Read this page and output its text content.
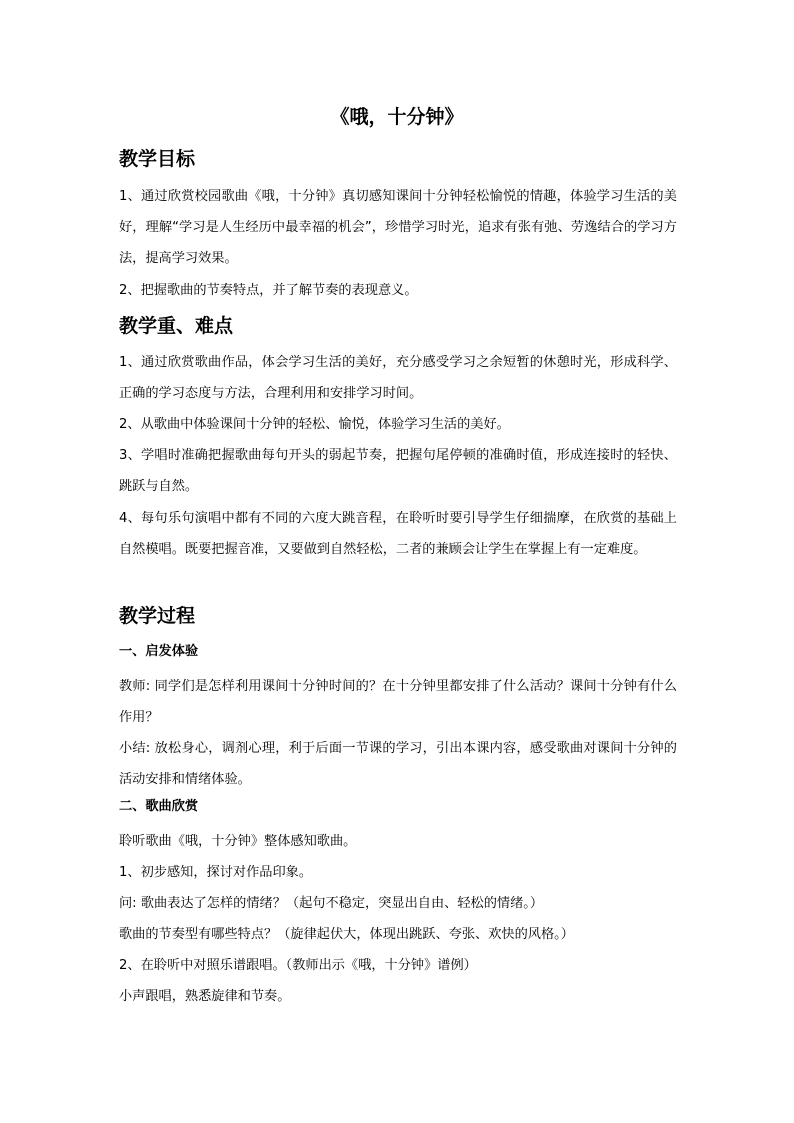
《哦，十分钟》
教学目标
1、通过欣赏校园歌曲《哦，十分钟》真切感知课间十分钟轻松愉悦的情趣，体验学习生活的美好，理解“学习是人生经历中最幸福的机会”，珍惜学习时光，追求有张有弛、劳逸结合的学习方法，提高学习效果。
2、把握歌曲的节奏特点，并了解节奏的表现意义。
教学重、难点
1、通过欣赏歌曲作品，体会学习生活的美好，充分感受学习之余短暂的休憩时光，形成科学、正确的学习态度与方法，合理利用和安排学习时间。
2、从歌曲中体验课间十分钟的轻松、愉悦，体验学习生活的美好。
3、学唱时准确把握歌曲每句开头的弱起节奏，把握句尾停顿的准确时值，形成连接时的轻快、跳跃与自然。
4、每句乐句演唱中都有不同的六度大跳音程，在聆听时要引导学生仔细揣摩，在欣赏的基础上自然模唱。既要把握音准，又要做到自然轻松，二者的兼顾会让学生在掌握上有一定难度。
教学过程
一、启发体验
教师: 同学们是怎样利用课间十分钟时间的？在十分钟里都安排了什么活动？课间十分钟有什么作用？
小结: 放松身心，调剂心理，利于后面一节课的学习，引出本课内容，感受歌曲对课间十分钟的活动安排和情绪体验。
二、歌曲欣赏
聆听歌曲《哦，十分钟》整体感知歌曲。
1、初步感知，探讨对作品印象。
问: 歌曲表达了怎样的情绪？（起句不稳定，突显出自由、轻松的情绪。）
歌曲的节奏型有哪些特点？（旋律起伏大，体现出跳跃、夸张、欢快的风格。）
2、在聆听中对照乐谱跟唱。（教师出示《哦，十分钟》谱例）
小声跟唱，熟悉旋律和节奏。
